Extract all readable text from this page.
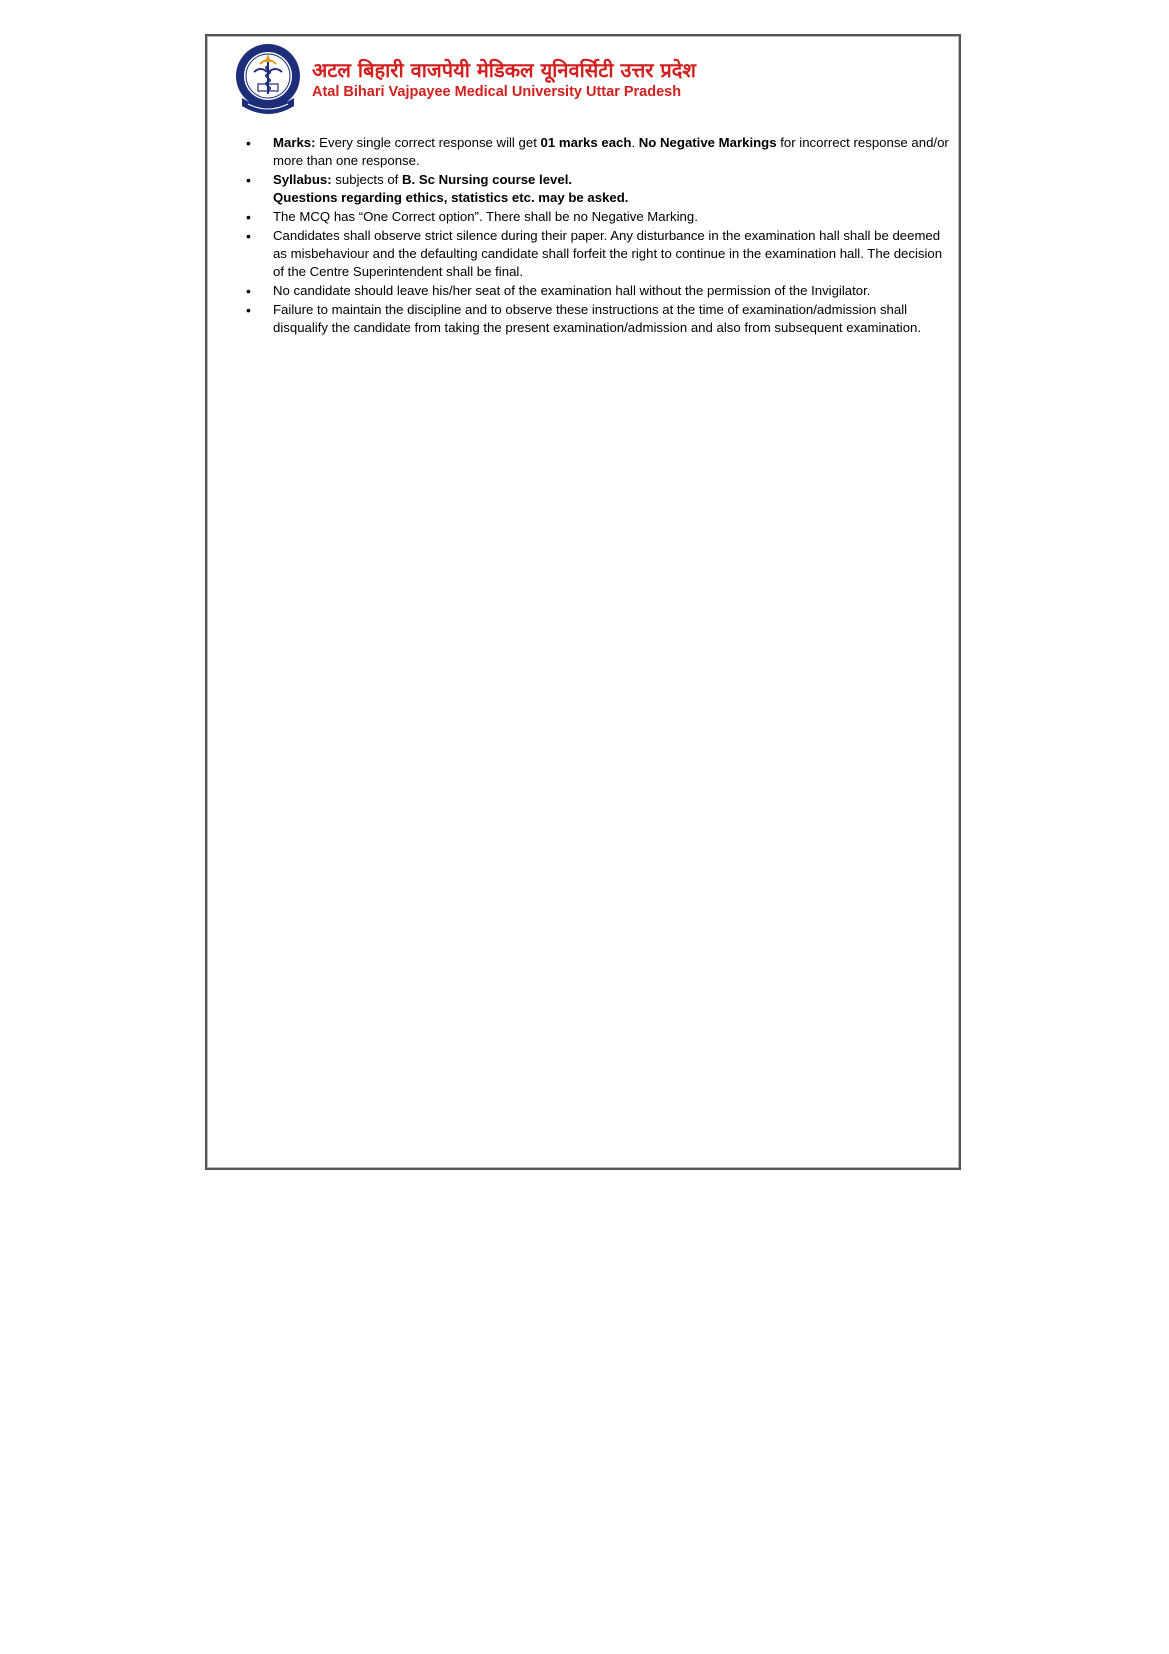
अटल बिहारी वाजपेयी मेडिकल यूनिवर्सिटी उत्तर प्रदेश
Atal Bihari Vajpayee Medical University Uttar Pradesh
• Marks: Every single correct response will get 01 marks each. No Negative Markings for incorrect response and/or more than one response.
• Syllabus: subjects of B. Sc Nursing course level.
Questions regarding ethics, statistics etc. may be asked.
• The MCQ has “One Correct option”. There shall be no Negative Marking.
• Candidates shall observe strict silence during their paper. Any disturbance in the examination hall shall be deemed as misbehaviour and the defaulting candidate shall forfeit the right to continue in the examination hall. The decision of the Centre Superintendent shall be final.
• No candidate should leave his/her seat of the examination hall without the permission of the Invigilator.
• Failure to maintain the discipline and to observe these instructions at the time of examination/admission shall disqualify the candidate from taking the present examination/admission and also from subsequent examination.
